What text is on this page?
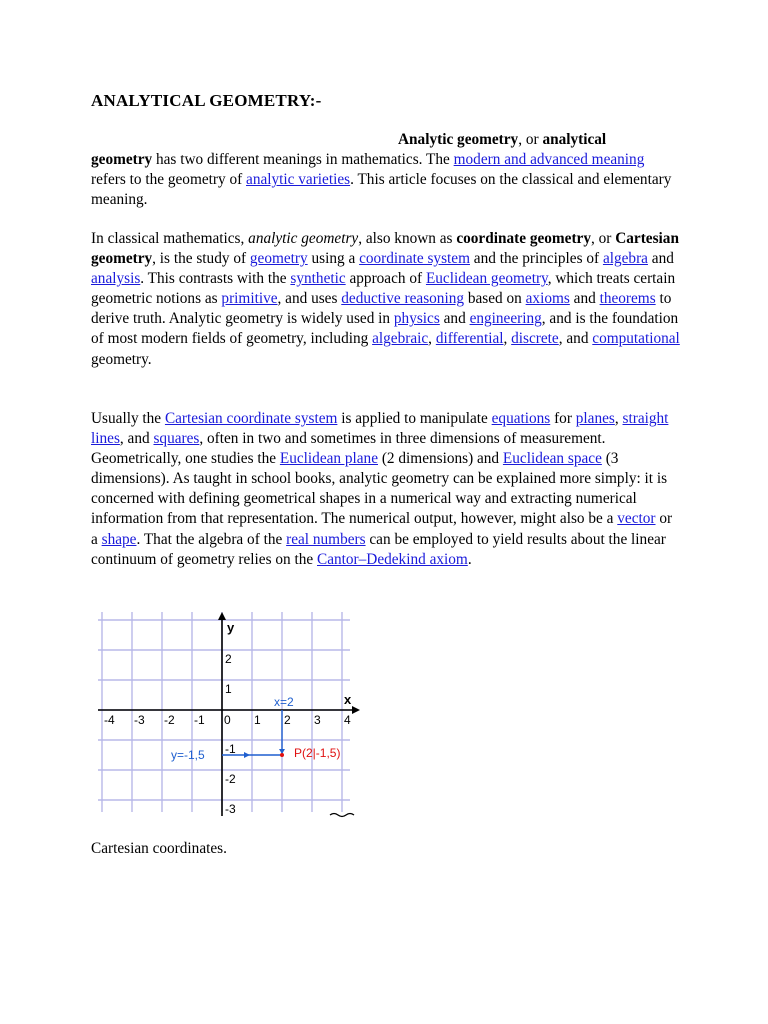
ANALYTICAL GEOMETRY:-

Analytic geometry, or analytical
geometry has two different meanings in mathematics. The modern and advanced meaning refers to the geometry of analytic varieties. This article focuses on the classical and elementary meaning.

In classical mathematics, analytic geometry, also known as coordinate geometry, or Cartesian geometry, is the study of geometry using a coordinate system and the principles of algebra and analysis. This contrasts with the synthetic approach of Euclidean geometry, which treats certain geometric notions as primitive, and uses deductive reasoning based on axioms and theorems to derive truth. Analytic geometry is widely used in physics and engineering, and is the foundation of most modern fields of geometry, including algebraic, differential, discrete, and computational geometry.

Usually the Cartesian coordinate system is applied to manipulate equations for planes, straight lines, and squares, often in two and sometimes in three dimensions of measurement. Geometrically, one studies the Euclidean plane (2 dimensions) and Euclidean space (3 dimensions). As taught in school books, analytic geometry can be explained more simply: it is concerned with defining geometrical shapes in a numerical way and extracting numerical information from that representation. The numerical output, however, might also be a vector or a shape. That the algebra of the real numbers can be employed to yield results about the linear continuum of geometry relies on the Cantor–Dedekind axiom.

-4 -3 -2 -1 0 1 2 3 4
2
1
-1
-2
-3
x=2
y=-1,5	P(2|-1,5)
x
y

Cartesian coordinates.
